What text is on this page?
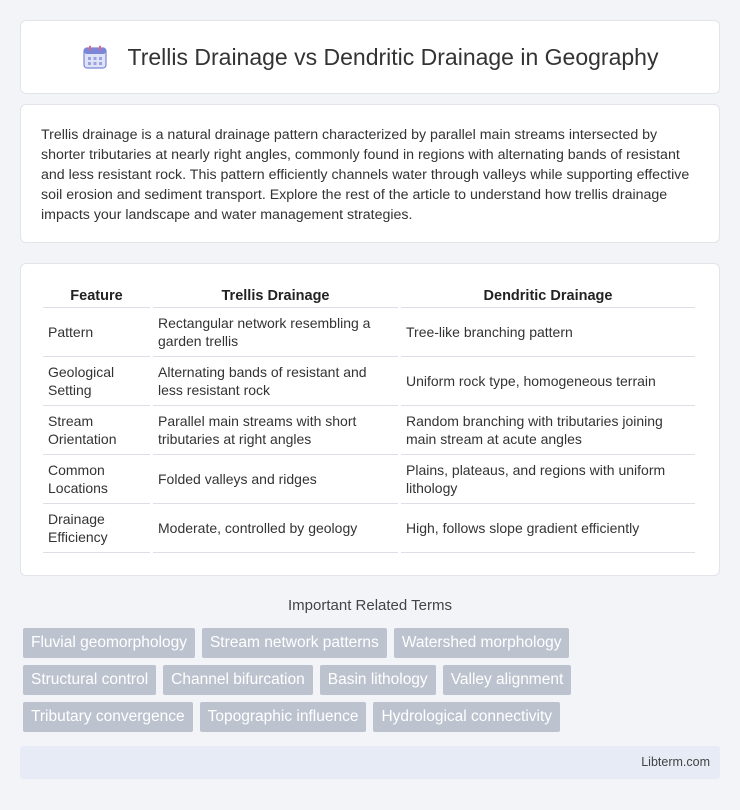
Trellis Drainage vs Dendritic Drainage in Geography

Trellis drainage is a natural drainage pattern characterized by parallel main streams intersected by shorter tributaries at nearly right angles, commonly found in regions with alternating bands of resistant and less resistant rock. This pattern efficiently channels water through valleys while supporting effective soil erosion and sediment transport. Explore the rest of the article to understand how trellis drainage impacts your landscape and water management strategies.

Feature	Trellis Drainage	Dendritic Drainage
Pattern	Rectangular network resembling a garden trellis	Tree-like branching pattern
Geological Setting	Alternating bands of resistant and less resistant rock	Uniform rock type, homogeneous terrain
Stream Orientation	Parallel main streams with short tributaries at right angles	Random branching with tributaries joining main stream at acute angles
Common Locations	Folded valleys and ridges	Plains, plateaus, and regions with uniform lithology
Drainage Efficiency	Moderate, controlled by geology	High, follows slope gradient efficiently
Important Related Terms
Fluvial geomorphology	Stream network patterns	Watershed morphology
Structural control	Channel bifurcation	Basin lithology	Valley alignment
Tributary convergence	Topographic influence	Hydrological connectivity
Libterm.com
